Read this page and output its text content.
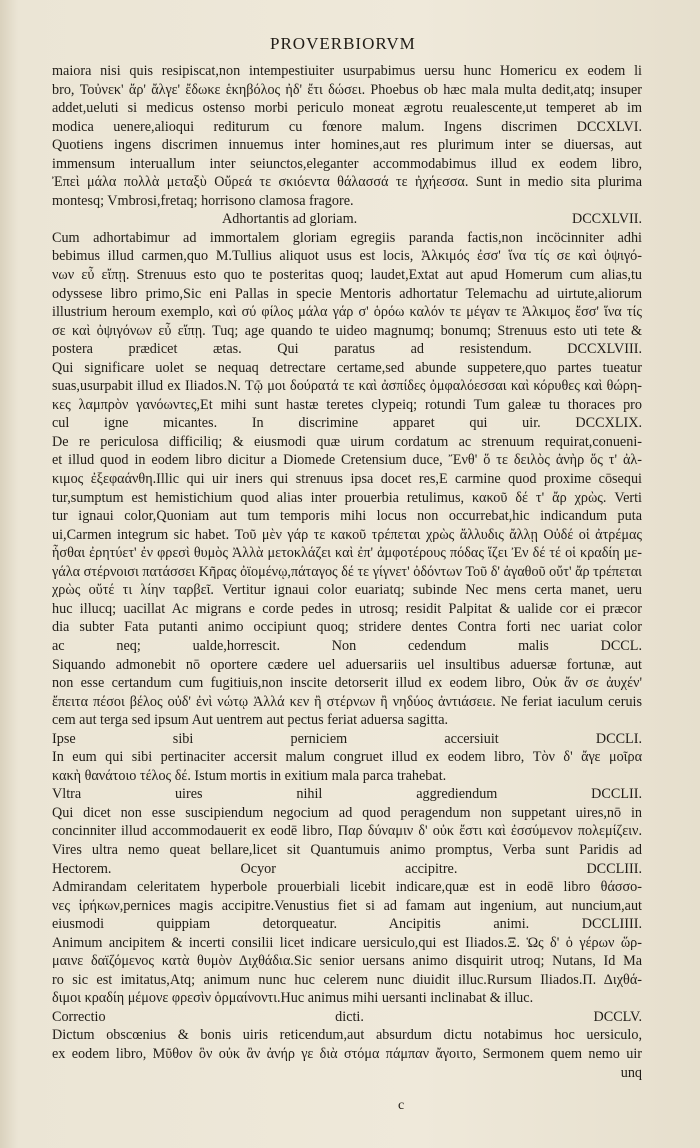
PROVERBIORVM
maiora nisi quis resipiscat,non intempestiuiter usurpabimus uersu hunc Homericu ex eodem li
bro, Τοὐνεκ' ἄρ' ἄλγε' ἔδωκε ἑκηβόλος ἠδ' ἔτι δώσει. Phoebus ob hæc mala multa dedit,atq; insuper
addet,ueluti si medicus ostenso morbi periculo moneat ægrotu reualescente,ut temperet ab im
modica uenere,alioqui rediturum cu fœnore malum. Ingens discrimen DCCXLVI.
Quotiens ingens discrimen innuemus inter homines,aut res plurimum inter se diuersas, aut
immensum interuallum inter seiunctos,eleganter accommodabimus illud ex eodem libro,
Ἐπεὶ μάλα πολλὰ μεταξὺ Οὔρεά τε σκιόεντα θάλασσά τε ἠχήεσσα. Sunt in medio sita plurima
montesq; Vmbrosi,fretaq; horrisono clamosa fragore.
Adhortantis ad gloriam.	DCCXLVII.
Cum adhortabimur ad immortalem gloriam egregiis paranda factis,non incöcinniter adhi
bebimus illud carmen,quo M.Tullius aliquot usus est locis, Ἀλκιμός ἐσσ' ἵνα τίς σε καὶ ὀψιγό-
νων εὖ εἴπῃ. Strenuus esto quo te posteritas quoq; laudet,Extat aut apud Homerum cum alias,tu
odyssese libro primo,Sic eni Pallas in specie Mentoris adhortatur Telemachu ad uirtute,aliorum
illustrium heroum exemplo, καὶ σύ φίλος μάλα γάρ σ' ὁρόω καλόν τε μέγαν τε Ἀλκιμος ἔσσ' ἵνα τίς
σε καὶ ὀψιγόνων εὖ εἴπῃ. Tuq; age quando te uideo magnumq; bonumq; Strenuus esto uti tete &
postera prædicet ætas. Qui paratus ad resistendum. DCCXLVIII.
Qui significare uolet se nequaq detrectare certame,sed abunde suppetere,quo partes tueatur
suas,usurpabit illud ex Iliados.Ν. Τῷ μοι δούρατά τε καὶ ἀσπίδες ὀμφαλόεσσαι καὶ κόρυθες καὶ θώρη-
κες λαμπρὸν γανόωντες,Et mihi sunt hastæ teretes clypeiq; rotundi Tum galeæ tu thoraces pro
cul igne micantes. In discrimine apparet qui uir. DCCXLIX.
De re periculosa difficiliq; & eiusmodi quæ uirum cordatum ac strenuum requirat,conueni-
et illud quod in eodem libro dicitur a Diomede Cretensium duce, Ἔνθ' ὅ τε δειλὸς ἀνὴρ ὅς τ' ἀλ-
κιμος ἐξεφαάνθη.Illic qui uir iners qui strenuus ipsa docet res,E carmine quod proxime cōsequi
tur,sumptum est hemistichium quod alias inter prouerbia retulimus, κακοῦ δέ τ' ἄρ χρὼς. Verti
tur ignaui color,Quoniam aut tum temporis mihi locus non occurrebat,hic indicandum puta
ui,Carmen integrum sic habet. Τοῦ μὲν γάρ τε κακοῦ τρέπεται χρὼς ἄλλυδις ἄλλῃ Οὐδέ οἱ ἀτρέμας
ἧσθαι ἐρητύετ' ἐν φρεσὶ θυμὸς Ἀλλὰ μετοκλάζει καὶ ἐπ' ἀμφοτέρους πόδας ἵζει Ἐν δέ τέ οἱ κραδίη με-
γάλα στέρνοισι πατάσσει Κῆρας ὀϊομένῳ,πάταγος δέ τε γίγνετ' ὀδόντων Τοῦ δ' ἀγαθοῦ οὔτ' ἄρ τρέπεται
χρὼς οὔτέ τι λίην ταρβεῖ. Vertitur ignaui color euariatq; subinde Nec mens certa manet, ueru
huc illucq; uacillat Ac migrans e corde pedes in utrosq; residit Palpitat & ualide cor ei præcor
dia subter Fata putanti animo occipiunt quoq; stridere dentes Contra forti nec uariat color
ac neq; ualde,horrescit. Non cedendum malis DCCL.
Siquando admonebit nō oportere cædere uel aduersariis uel insultibus aduersæ fortunæ, aut
non esse certandum cum fugitiuis,non inscite detorserit illud ex eodem libro, Οὐκ ἄν σε ἀυχέν'
ἔπειτα πέσοι βέλος οὐδ' ἐνὶ νώτῳ Ἀλλά κεν ἢ στέρνων ἢ νηδύος ἀντιάσειε. Ne feriat iaculum ceruis
cem aut terga sed ipsum Aut uentrem aut pectus feriat aduersa sagitta.
Ipse sibi perniciem accersiuit DCCLI.
In eum qui sibi pertinaciter accersit malum congruet illud ex eodem libro, Τὸν δ' ἄγε μοῖρα
κακὴ θανάτοιο τέλος δέ. Istum mortis in exitium mala parca trahebat.
Vltra uires nihil aggrediendum DCCLII.
Qui dicet non esse suscipiendum negocium ad quod peragendum non suppetant uires,nō in
concinniter illud accommodauerit ex eodē libro, Παρ δύναμιν δ' οὐκ ἔστι καὶ ἐσσύμενον πολεμίζειν.
Vires ultra nemo queat bellare,licet sit Quantumuis animo promptus, Verba sunt Paridis ad
Hectorem. Ocyor accipitre. DCCLIII.
Admirandam celeritatem hyperbole prouerbiali licebit indicare,quæ est in eodē libro θάσσο-
νες ἰρήκων,pernices magis accipitre.Venustius fiet si ad famam aut ingenium, aut nuncium,aut
eiusmodi quippiam detorqueatur. Ancipitis animi. DCCLIIII.
Animum ancipitem & incerti consilii licet indicare uersiculo,qui est Iliados.Ξ. Ὡς δ' ὁ γέρων ὥρ-
μαινε δαϊζόμενος κατὰ θυμὸν Διχθάδια.Sic senior uersans animo disquirit utroq; Nutans, Id Ma
ro sic est imitatus,Atq; animum nunc huc celerem nunc diuidit illuc.Rursum Iliados.Π. Διχθά-
διμοι κραδίη μέμονε φρεσὶν ὁρμαίνοντι.Huc animus mihi uersanti inclinabat & illuc.
Correctio dicti. DCCLV.
Dictum obscœnius & bonis uiris reticendum,aut absurdum dictu notabimus hoc uersiculo,
ex eodem libro, Μῦθον ὃν οὐκ ἂν ἀνήρ γε διὰ στόμα πάμπαν ἄγοιτο, Sermonem quem nemo uir
unq
c
